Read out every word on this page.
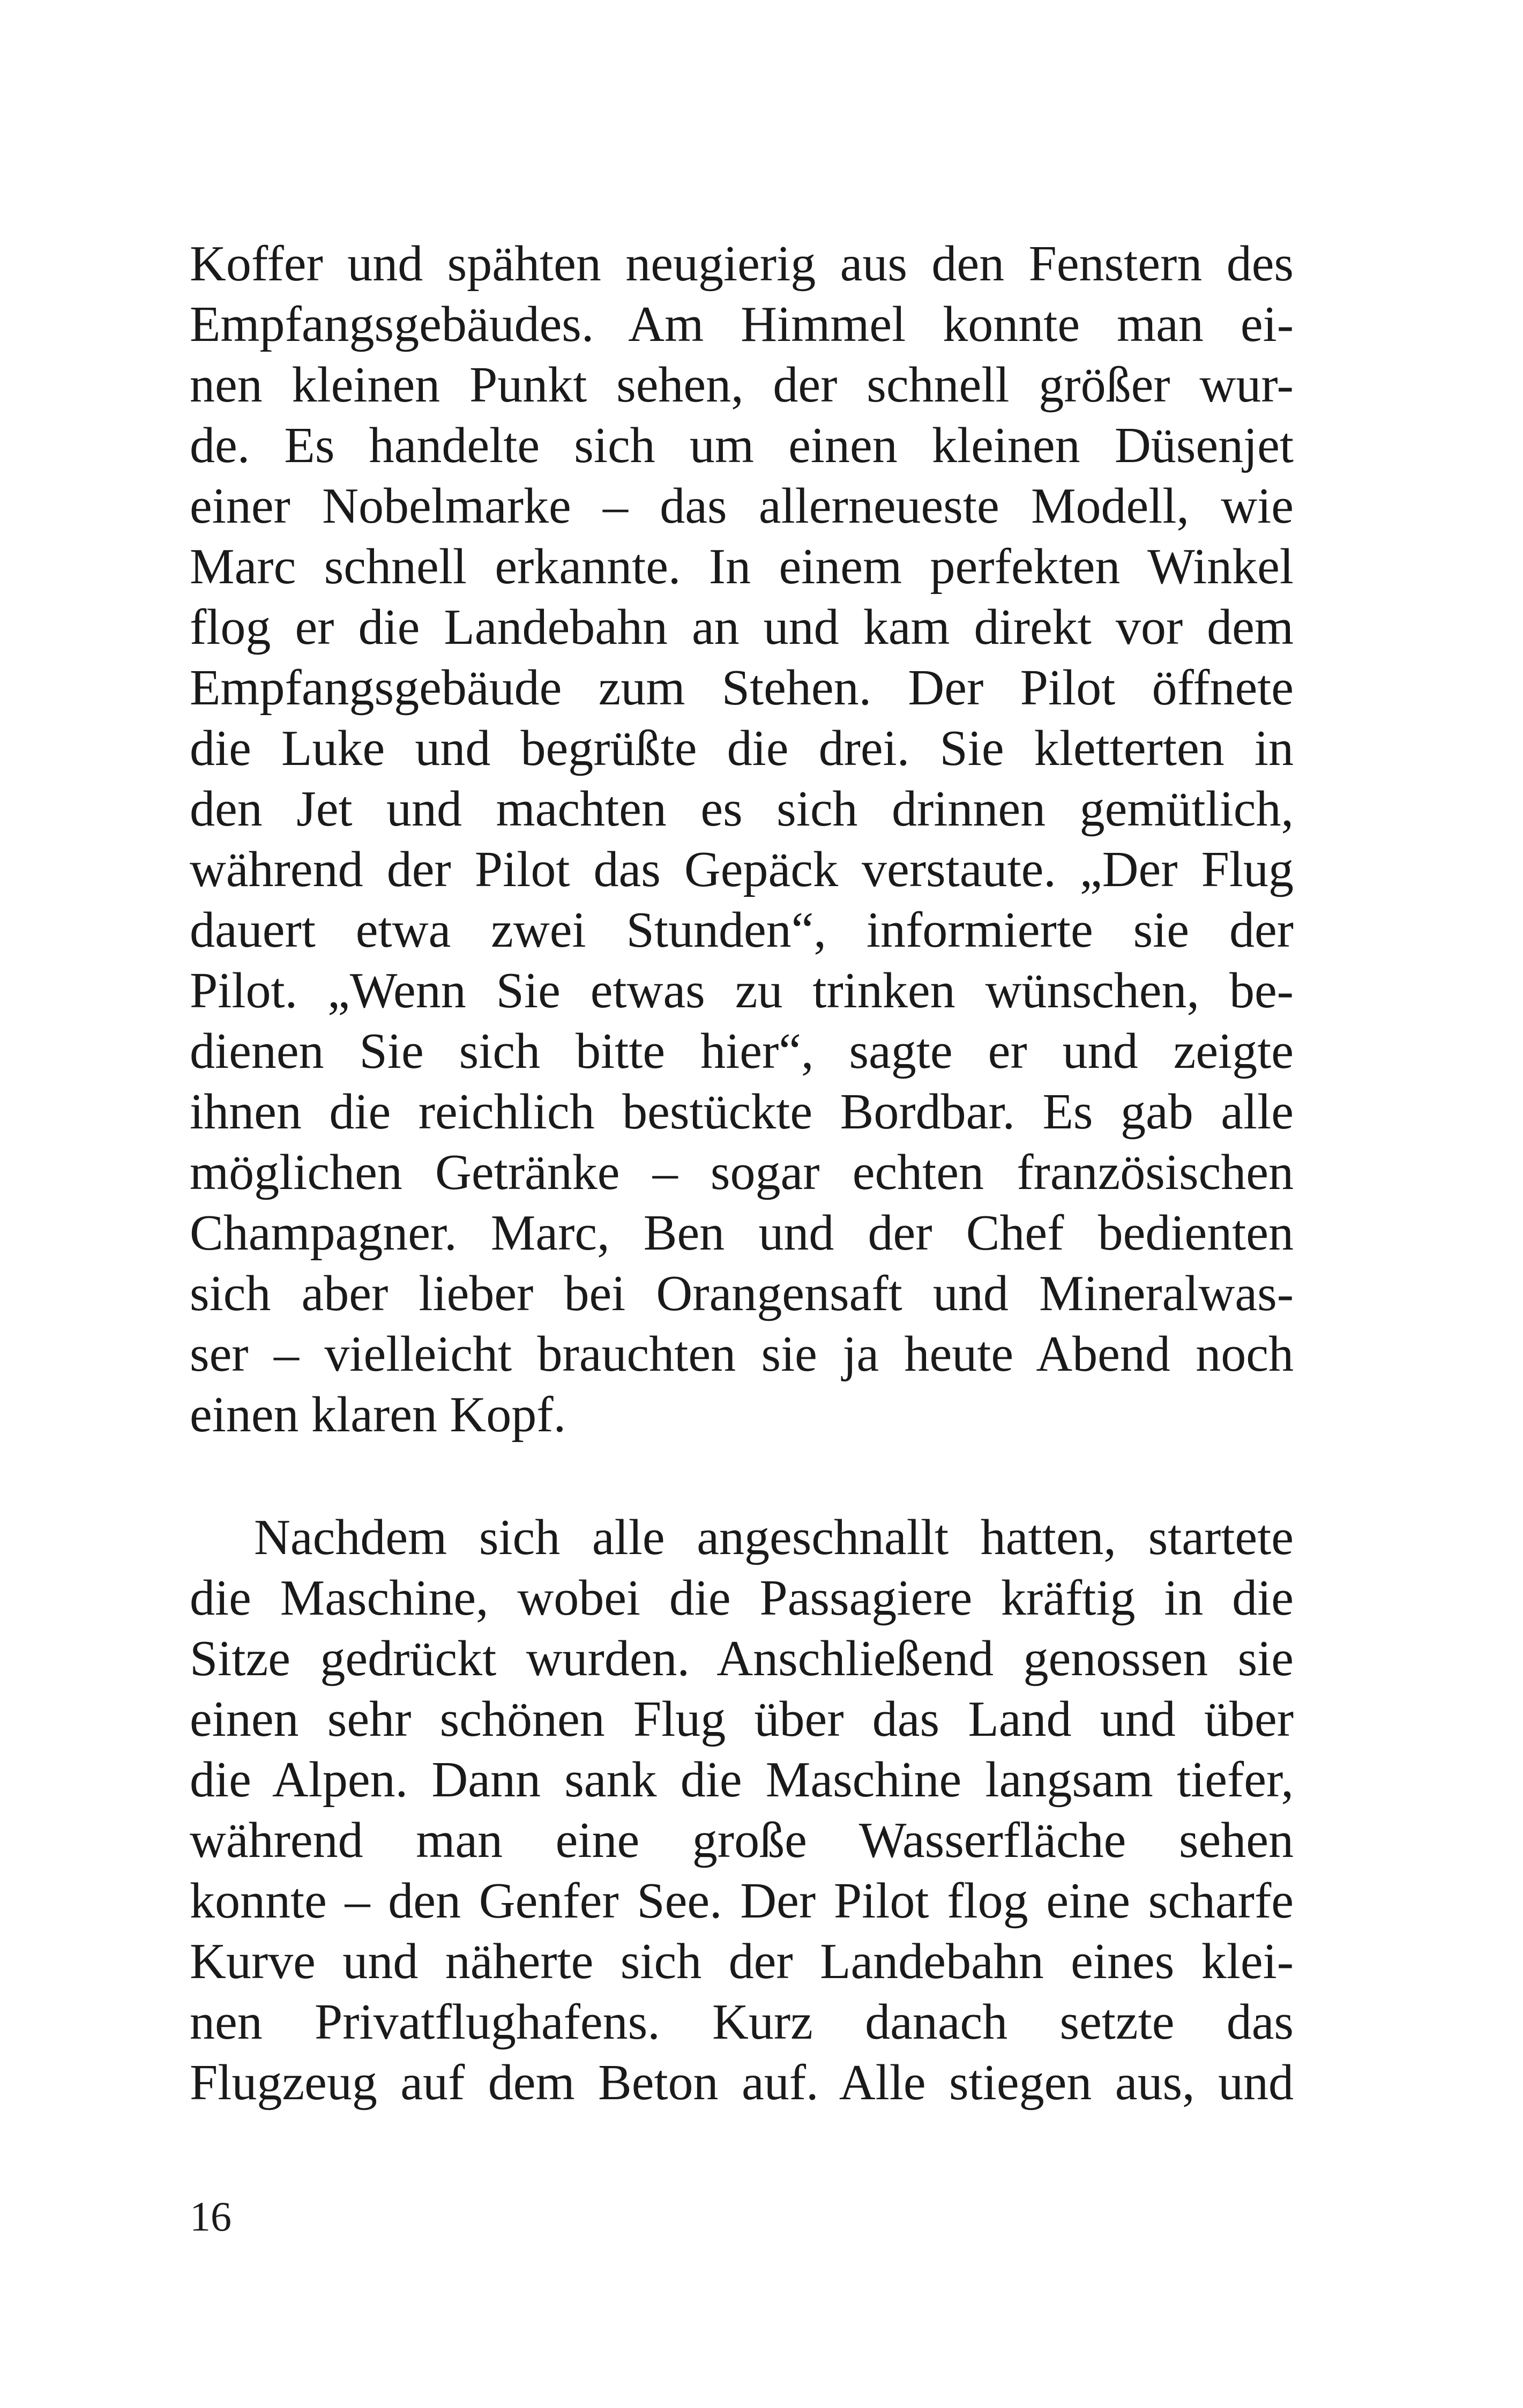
Koffer und spähten neugierig aus den Fenstern des
Empfangsgebäudes. Am Himmel konnte man ei-
nen kleinen Punkt sehen, der schnell größer wur-
de. Es handelte sich um einen kleinen Düsenjet
einer Nobelmarke – das allerneueste Modell, wie
Marc schnell erkannte. In einem perfekten Winkel
flog er die Landebahn an und kam direkt vor dem
Empfangsgebäude zum Stehen. Der Pilot öffnete
die Luke und begrüßte die drei. Sie kletterten in
den Jet und machten es sich drinnen gemütlich,
während der Pilot das Gepäck verstaute. „Der Flug
dauert etwa zwei Stunden“, informierte sie der
Pilot. „Wenn Sie etwas zu trinken wünschen, be-
dienen Sie sich bitte hier“, sagte er und zeigte
ihnen die reichlich bestückte Bordbar. Es gab alle
möglichen Getränke – sogar echten französischen
Champagner. Marc, Ben und der Chef bedienten
sich aber lieber bei Orangensaft und Mineralwas-
ser – vielleicht brauchten sie ja heute Abend noch
einen klaren Kopf.
Nachdem sich alle angeschnallt hatten, startete
die Maschine, wobei die Passagiere kräftig in die
Sitze gedrückt wurden. Anschließend genossen sie
einen sehr schönen Flug über das Land und über
die Alpen. Dann sank die Maschine langsam tiefer,
während man eine große Wasserfläche sehen
konnte – den Genfer See. Der Pilot flog eine scharfe
Kurve und näherte sich der Landebahn eines klei-
nen Privatflughafens. Kurz danach setzte das
Flugzeug auf dem Beton auf. Alle stiegen aus, und
16
